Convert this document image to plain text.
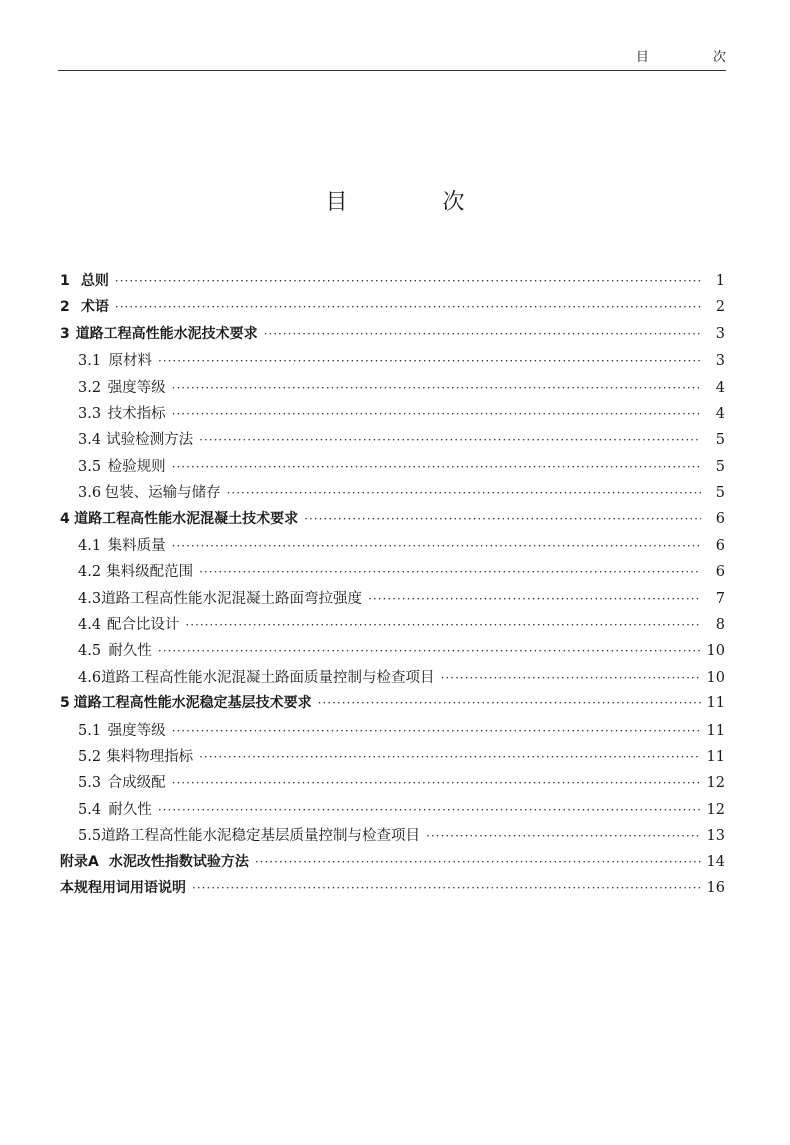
目 次
目 次
1 总则 ·····	1
2 术语 ·····	2
3 道路工程高性能水泥技术要求 ·····	3
3.1 原材料 ·····	3
3.2 强度等级 ·····	4
3.3 技术指标 ·····	4
3.4 试验检测方法 ·····	5
3.5 检验规则 ·····	5
3.6 包装、运输与储存 ·····	5
4 道路工程高性能水泥混凝土技术要求 ·····	6
4.1 集料质量 ·····	6
4.2 集料级配范围 ·····	6
4.3 道路工程高性能水泥混凝土路面弯拉强度 ·····	7
4.4 配合比设计 ·····	8
4.5 耐久性 ·····	10
4.6 道路工程高性能水泥混凝土路面质量控制与检查项目 ·····	10
5 道路工程高性能水泥稳定基层技术要求 ·····	11
5.1 强度等级 ·····	11
5.2 集料物理指标 ·····	11
5.3 合成级配 ·····	12
5.4 耐久性 ·····	12
5.5 道路工程高性能水泥稳定基层质量控制与检查项目 ·····	13
附录A 水泥改性指数试验方法 ·····	14
本规程用词用语说明 ·····	16
